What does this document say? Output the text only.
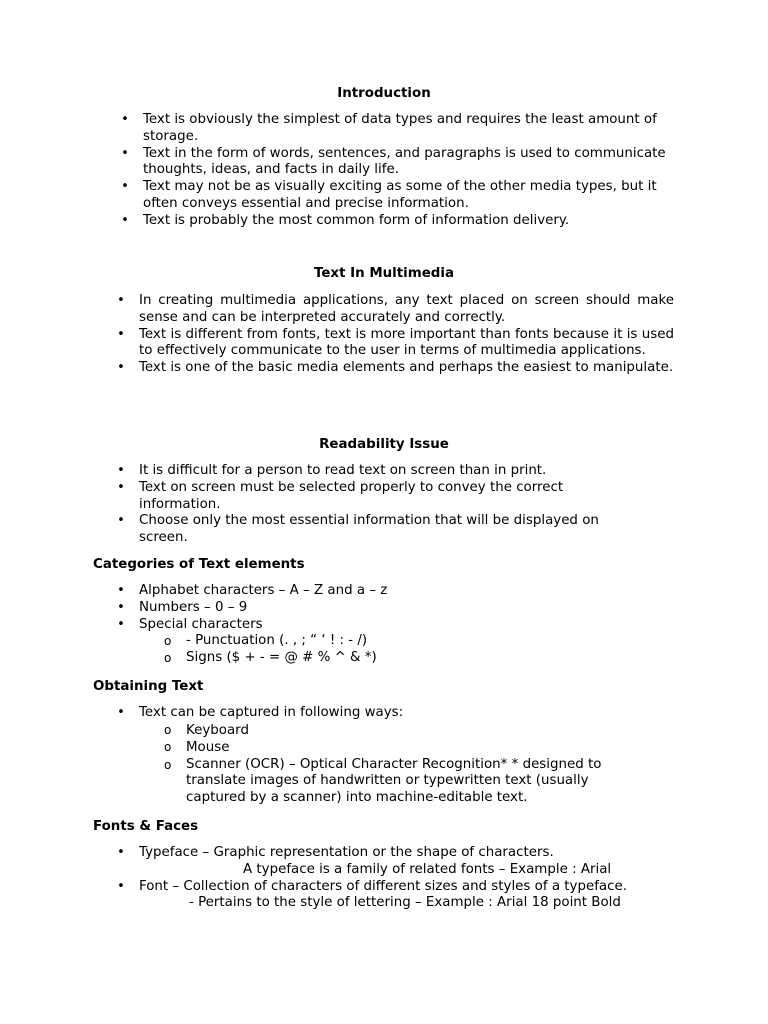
Introduction
• Text is obviously the simplest of data types and requires the least amount of storage.
• Text in the form of words, sentences, and paragraphs is used to communicate thoughts, ideas, and facts in daily life.
• Text may not be as visually exciting as some of the other media types, but it often conveys essential and precise information.
• Text is probably the most common form of information delivery.
Text In Multimedia
• In creating multimedia applications, any text placed on screen should make sense and can be interpreted accurately and correctly.
• Text is different from fonts, text is more important than fonts because it is used to effectively communicate to the user in terms of multimedia applications.
• Text is one of the basic media elements and perhaps the easiest to manipulate.
Readability Issue
• It is difficult for a person to read text on screen than in print.
• Text on screen must be selected properly to convey the correct information.
• Choose only the most essential information that will be displayed on screen.
Categories of Text elements
• Alphabet characters – A – Z and a – z
• Numbers – 0 – 9
• Special characters
o - Punctuation (. , ; “ ‘ ! : - /)
o Signs ($ + - = @ # % ^ & *)
Obtaining Text
• Text can be captured in following ways:
o Keyboard
o Mouse
o Scanner (OCR) – Optical Character Recognition* * designed to translate images of handwritten or typewritten text (usually captured by a scanner) into machine-editable text.
Fonts & Faces
• Typeface – Graphic representation or the shape of characters.
A typeface is a family of related fonts – Example : Arial
• Font – Collection of characters of different sizes and styles of a typeface.
- Pertains to the style of lettering – Example : Arial 18 point Bold
